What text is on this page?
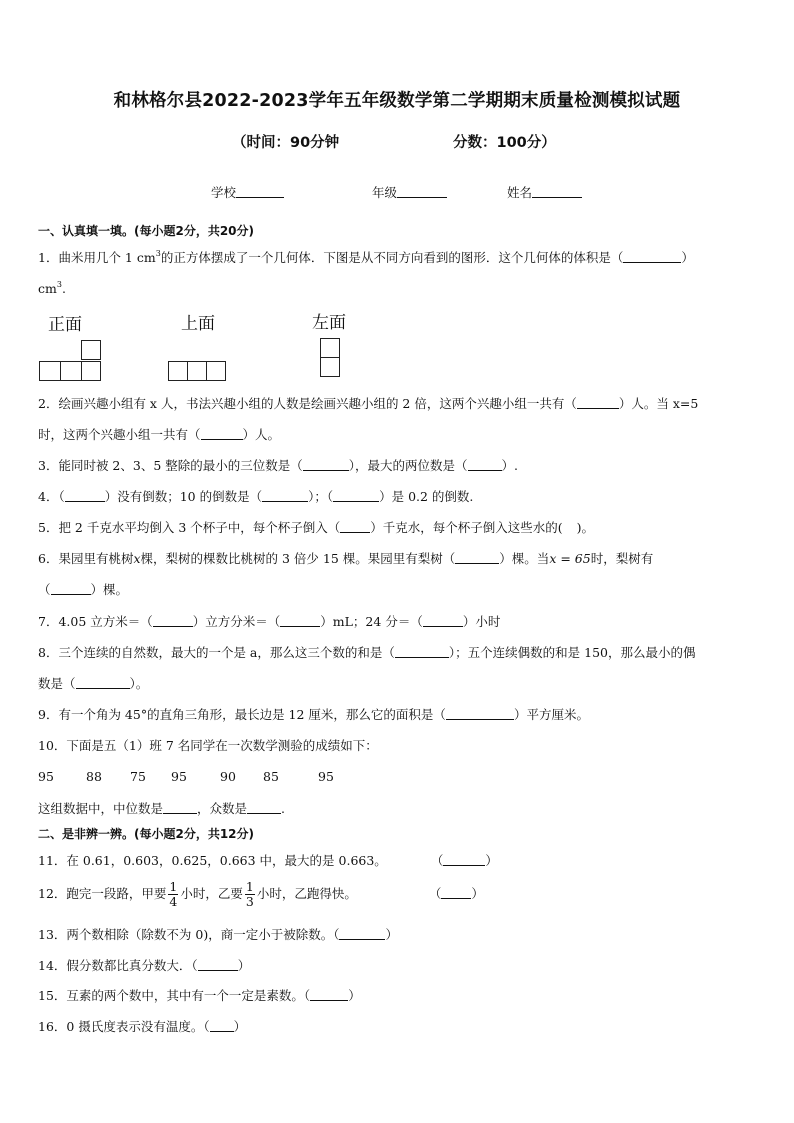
和林格尔县2022-2023学年五年级数学第二学期期末质量检测模拟试题
（时间：90分钟	分数：100分）
学校	年级	姓名
一、认真填一填。(每小题2分，共20分)
1．曲米用几个 1 $cm^3$的正方体摆成了一个几何体．下图是从不同方向看到的图形．这个几何体的体积是（	）
$cm^3$.
正面	上面	左面
2．绘画兴趣小组有 x 人，书法兴趣小组的人数是绘画兴趣小组的 2 倍，这两个兴趣小组一共有（	）人。当 x=5
时，这两个兴趣小组一共有（	）人。
3．能同时被 2、3、5 整除的最小的三位数是（	），最大的两位数是（	）.
4．（	）没有倒数；10 的倒数是（	）；（	）是 0.2 的倒数.
5．把 2 千克水平均倒入 3 个杯子中，每个杯子倒入（ ）千克水，每个杯子倒入这些水的( )。
6．果园里有桃树x棵，梨树的棵数比桃树的 3 倍少 15 棵。果园里有梨树（	）棵。当x = 65时，梨树有
（	）棵。
7．4.05 立方米＝（	）立方分米＝（	）mL；24 分＝（	）小时
8．三个连续的自然数，最大的一个是 a，那么这三个数的和是（	）；五个连续偶数的和是 150，那么最小的偶
数是（	）。
9．有一个角为 45°的直角三角形，最长边是 12 厘米，那么它的面积是（	）平方厘米。
10．下面是五（1）班 7 名同学在一次数学测验的成绩如下：
95	88 75 95	90 85	95
这组数据中，中位数是	，众数是	.
二、是非辨一辨。(每小题2分，共12分)
11．在 0.61，0.603，0.625，0.663 中，最大的是 0.663。	（	）
12．跑完一段路，甲要 $\frac{1}{4}$ 小时，乙要 $\frac{1}{3}$ 小时，乙跑得快。	（ ）
13．两个数相除（除数不为 0)，商一定小于被除数。（	）
14．假分数都比真分数大．（	）
15．互素的两个数中，其中有一个一定是素数。（	）
16．0 摄氏度表示没有温度。（ ）
